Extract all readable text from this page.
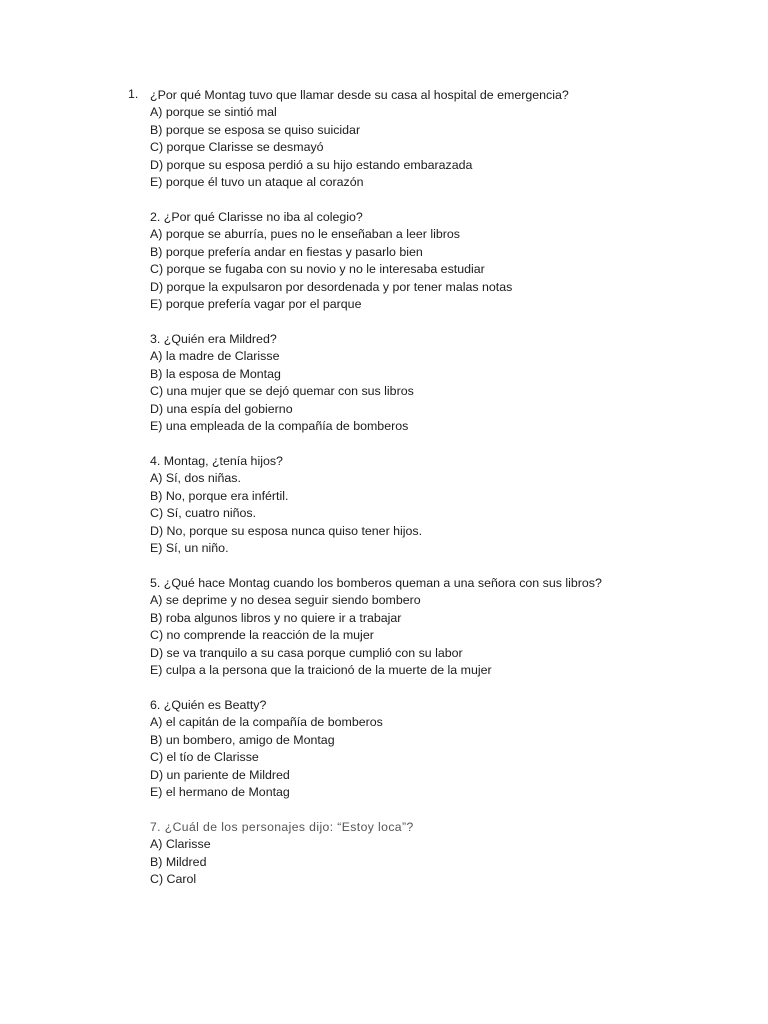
1. ¿Por qué Montag tuvo que llamar desde su casa al hospital de emergencia?
A) porque se sintió mal
B) porque se esposa se quiso suicidar
C) porque Clarisse se desmayó
D) porque su esposa perdió a su hijo estando embarazada
E) porque él tuvo un ataque al corazón
2. ¿Por qué Clarisse no iba al colegio?
A) porque se aburría, pues no le enseñaban a leer libros
B) porque prefería andar en fiestas y pasarlo bien
C) porque se fugaba con su novio y no le interesaba estudiar
D) porque la expulsaron por desordenada y por tener malas notas
E) porque prefería vagar por el parque
3. ¿Quién era Mildred?
A) la madre de Clarisse
B) la esposa de Montag
C) una mujer que se dejó quemar con sus libros
D) una espía del gobierno
E) una empleada de la compañía de bomberos
4. Montag, ¿tenía hijos?
A) Sí, dos niñas.
B) No, porque era infértil.
C) Sí, cuatro niños.
D) No, porque su esposa nunca quiso tener hijos.
E) Sí, un niño.
5. ¿Qué hace Montag cuando los bomberos queman a una señora con sus libros?
A) se deprime y no desea seguir siendo bombero
B) roba algunos libros y no quiere ir a trabajar
C) no comprende la reacción de la mujer
D) se va tranquilo a su casa porque cumplió con su labor
E) culpa a la persona que la traicionó de la muerte de la mujer
6. ¿Quién es Beatty?
A) el capitán de la compañía de bomberos
B) un bombero, amigo de Montag
C) el tío de Clarisse
D) un pariente de Mildred
E) el hermano de Montag
7. ¿Cuál de los personajes dijo: “Estoy loca”?
A) Clarisse
B) Mildred
C) Carol
